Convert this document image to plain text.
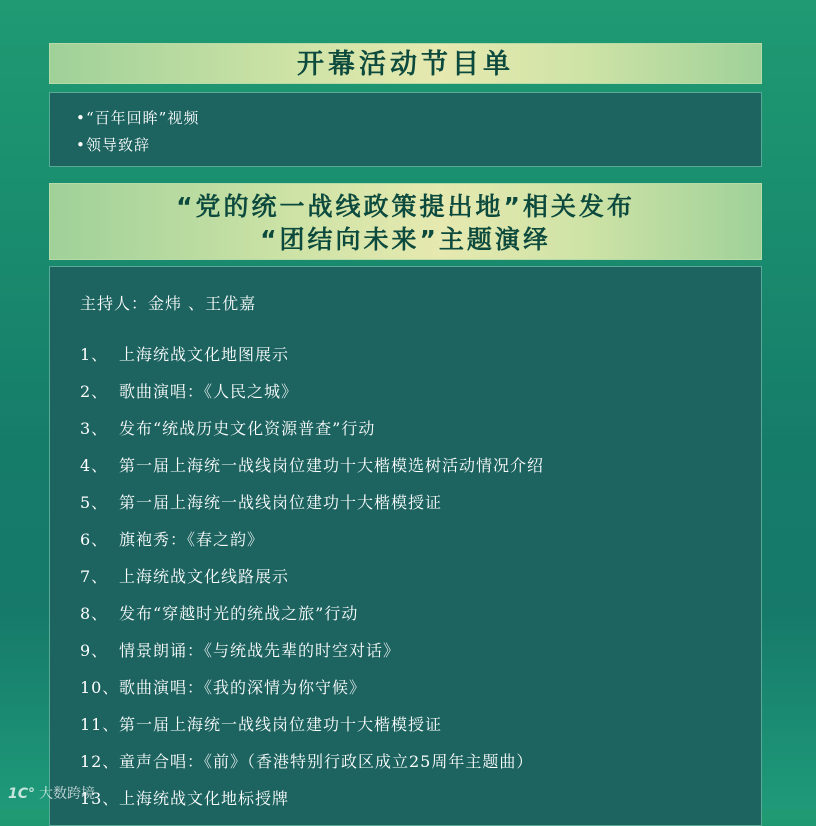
开幕活动节目单
•“百年回眸”视频
•领导致辞
“党的统一战线政策提出地”相关发布
“团结向未来”主题演绎
主持人：金炜 、王优嘉
1、 上海统战文化地图展示
2、 歌曲演唱：《人民之城》
3、 发布“统战历史文化资源普查”行动
4、 第一届上海统一战线岗位建功十大楷模选树活动情况介绍
5、 第一届上海统一战线岗位建功十大楷模授证
6、 旗袍秀：《春之韵》
7、 上海统战文化线路展示
8、 发布“穿越时光的统战之旅”行动
9、 情景朗诵：《与统战先辈的时空对话》
10、歌曲演唱：《我的深情为你守候》
11、第一届上海统一战线岗位建功十大楷模授证
12、童声合唱：《前》（香港特别行政区成立25周年主题曲）
13、上海统战文化地标授牌
1C° 大数跨境
